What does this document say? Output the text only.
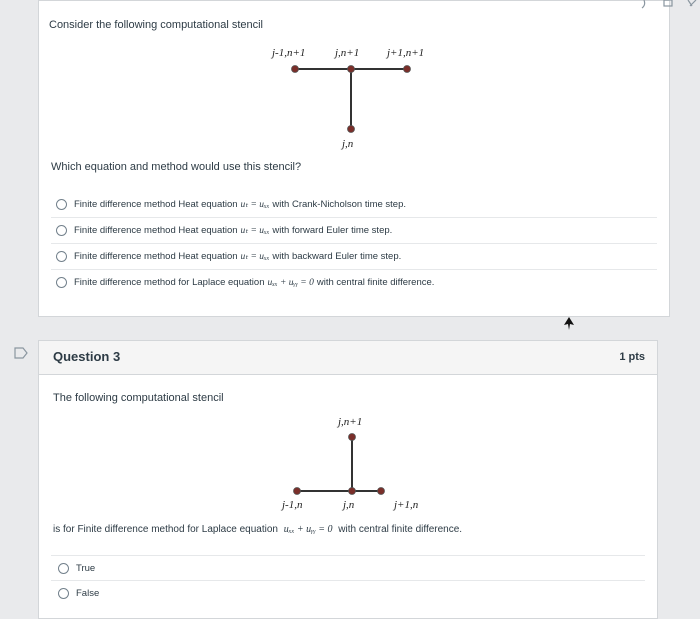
Consider the following computational stencil
j-1,n+1	j,n+1	j+1,n+1
j,n
Which equation and method would use this stencil?
Finite difference method Heat equation uₜ = uₓₓ with Crank-Nicholson time step.
Finite difference method Heat equation uₜ = uₓₓ with forward Euler time step.
Finite difference method Heat equation uₜ = uₓₓ with backward Euler time step.
Finite difference method for Laplace equation uₓₓ + uᵧᵧ = 0 with central finite difference.
Question 3	1 pts
The following computational stencil
j,n+1
j-1,n	j,n	j+1,n
is for Finite difference method for Laplace equation uₓₓ + uᵧᵧ = 0 with central finite difference.
True
False
